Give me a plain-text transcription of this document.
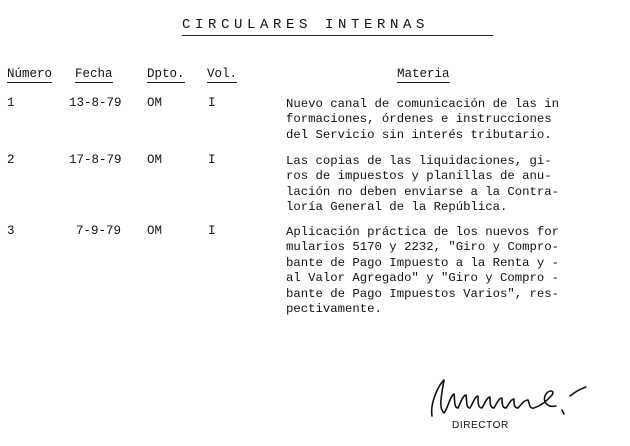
CIRCULARES INTERNAS
Número Fecha	Dpto. Vol.	Materia
1	13-8-79 OM	I	Nuevo canal de comunicación de las in
formaciones, órdenes e instrucciones
del Servicio sin interés tributario.
2	17-8-79 OM	I	Las copias de las liquidaciones, gi-
ros de impuestos y planillas de anu-
lación no deben enviarse a la Contra-
loría General de la República.
3	7-9-79 OM	I	Aplicación práctica de los nuevos for
mularios 5170 y 2232, "Giro y Compro-
bante de Pago Impuesto a la Renta y -
al Valor Agregado" y "Giro y Compro -
bante de Pago Impuestos Varios", res-
pectivamente.
DIRECTOR
